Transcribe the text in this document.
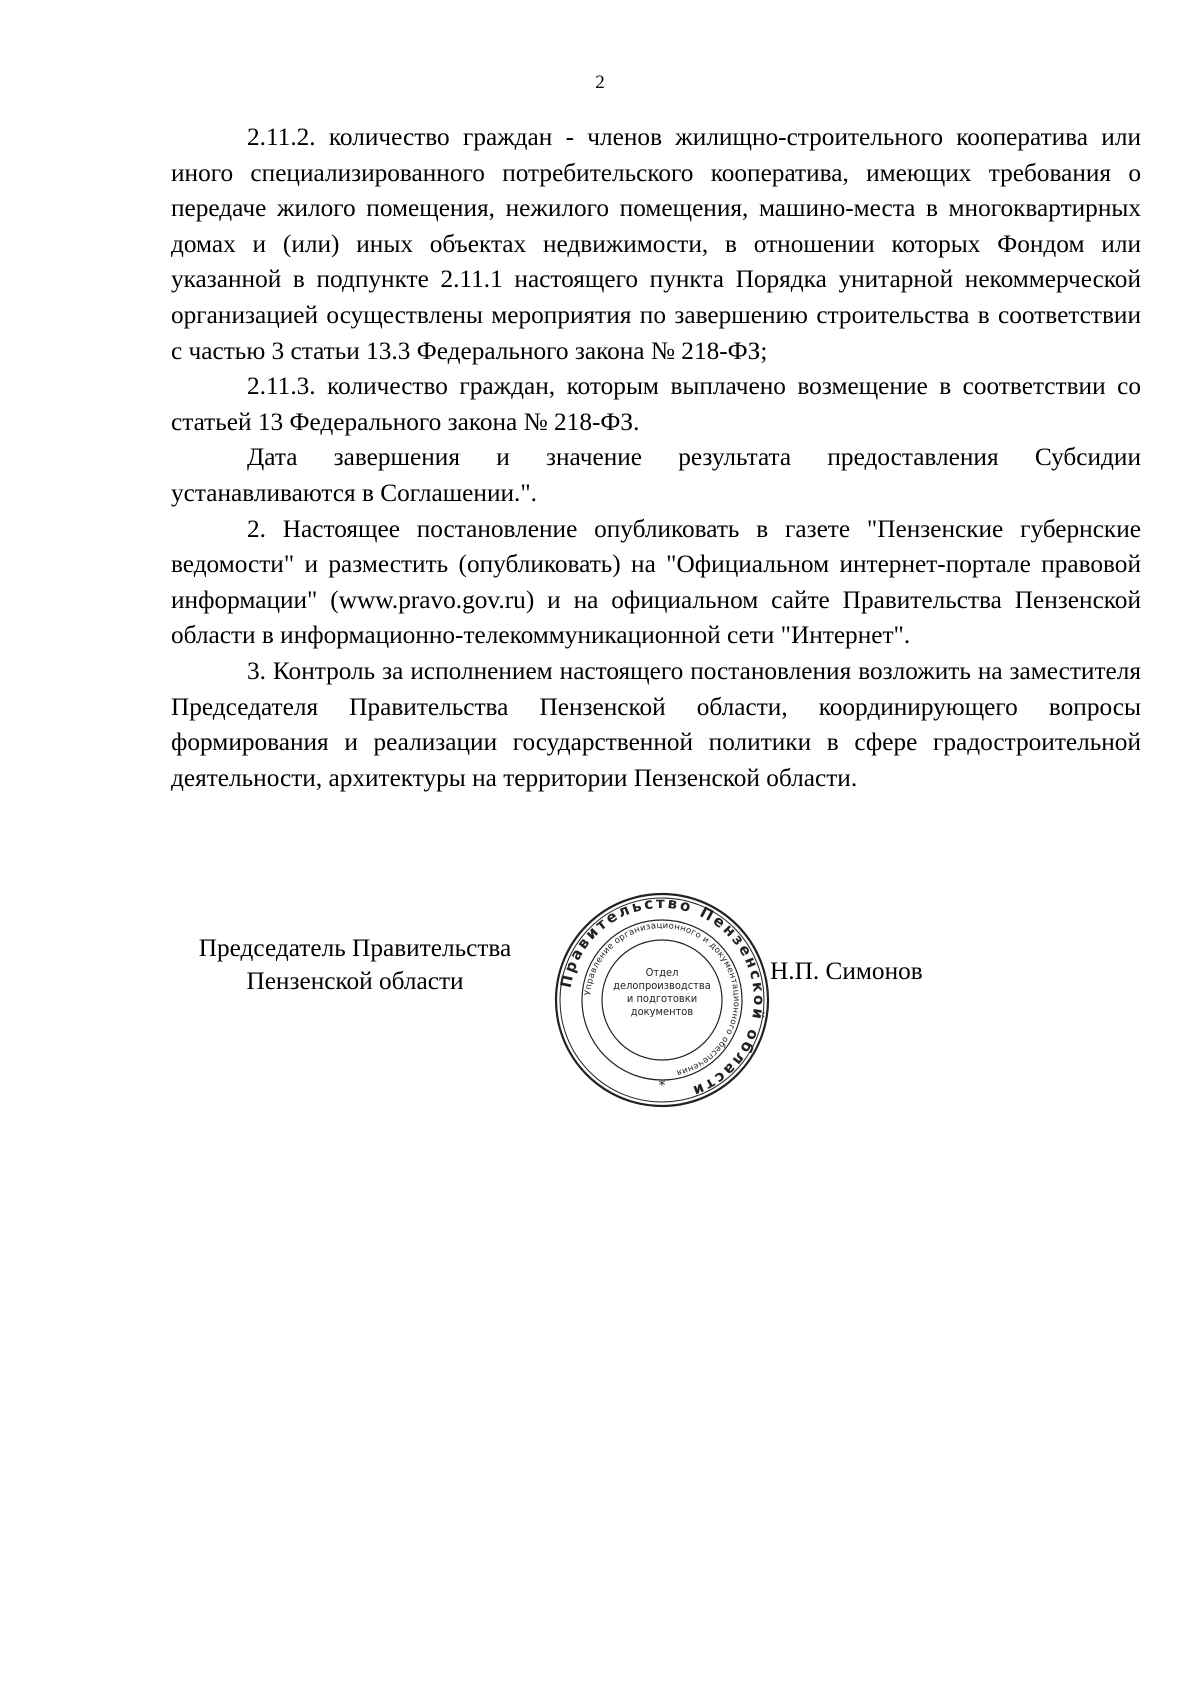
2

2.11.2. количество граждан - членов жилищно-строительного кооператива или иного специализированного потребительского кооператива, имеющих требования о передаче жилого помещения, нежилого помещения, машино-места в многоквартирных домах и (или) иных объектах недвижимости, в отношении которых Фондом или указанной в подпункте 2.11.1 настоящего пункта Порядка унитарной некоммерческой организацией осуществлены мероприятия по завершению строительства в соответствии с частью 3 статьи 13.3 Федерального закона № 218-ФЗ;

2.11.3. количество граждан, которым выплачено возмещение в соответствии со статьей 13 Федерального закона № 218-ФЗ.

Дата завершения и значение результата предоставления Субсидии устанавливаются в Соглашении.".

2. Настоящее постановление опубликовать в газете "Пензенские губернские ведомости" и разместить (опубликовать) на "Официальном интернет-портале правовой информации" (www.pravo.gov.ru) и на официальном сайте Правительства Пензенской области в информационно-телекоммуникационной сети "Интернет".

3. Контроль за исполнением настоящего постановления возложить на заместителя Председателя Правительства Пензенской области, координирующего вопросы формирования и реализации государственной политики в сфере градостроительной деятельности, архитектуры на территории Пензенской области.

Председатель Правительства
Пензенской области	Правительство Пензенской области
Управление организационного и документационного обеспечения
*
Отдел
делопроизводства
и подготовки
документов
Н.П. Симонов
